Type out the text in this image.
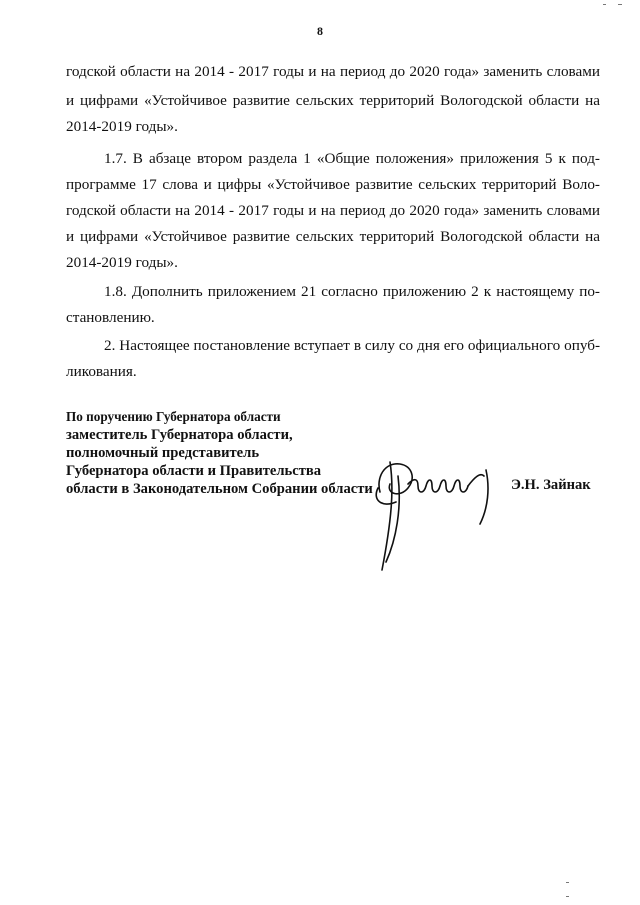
8
годской области на 2014 - 2017 годы и на период до 2020 года» заменить словами
и цифрами «Устойчивое развитие сельских территорий Вологодской области на
2014-2019 годы».
1.7. В абзаце втором раздела 1 «Общие положения» приложения 5 к под-
программе 17 слова и цифры «Устойчивое развитие сельских территорий Воло-
годской области на 2014 - 2017 годы и на период до 2020 года» заменить словами
и цифрами «Устойчивое развитие сельских территорий Вологодской области на
2014-2019 годы».
1.8. Дополнить приложением 21 согласно приложению 2 к настоящему по-
становлению.
2. Настоящее постановление вступает в силу со дня его официального опуб-
ликования.
По поручению Губернатора области
заместитель Губернатора области,
полномочный представитель
Губернатора области и Правительства
области в Законодательном Собрании области	Э.Н. Зайнак
